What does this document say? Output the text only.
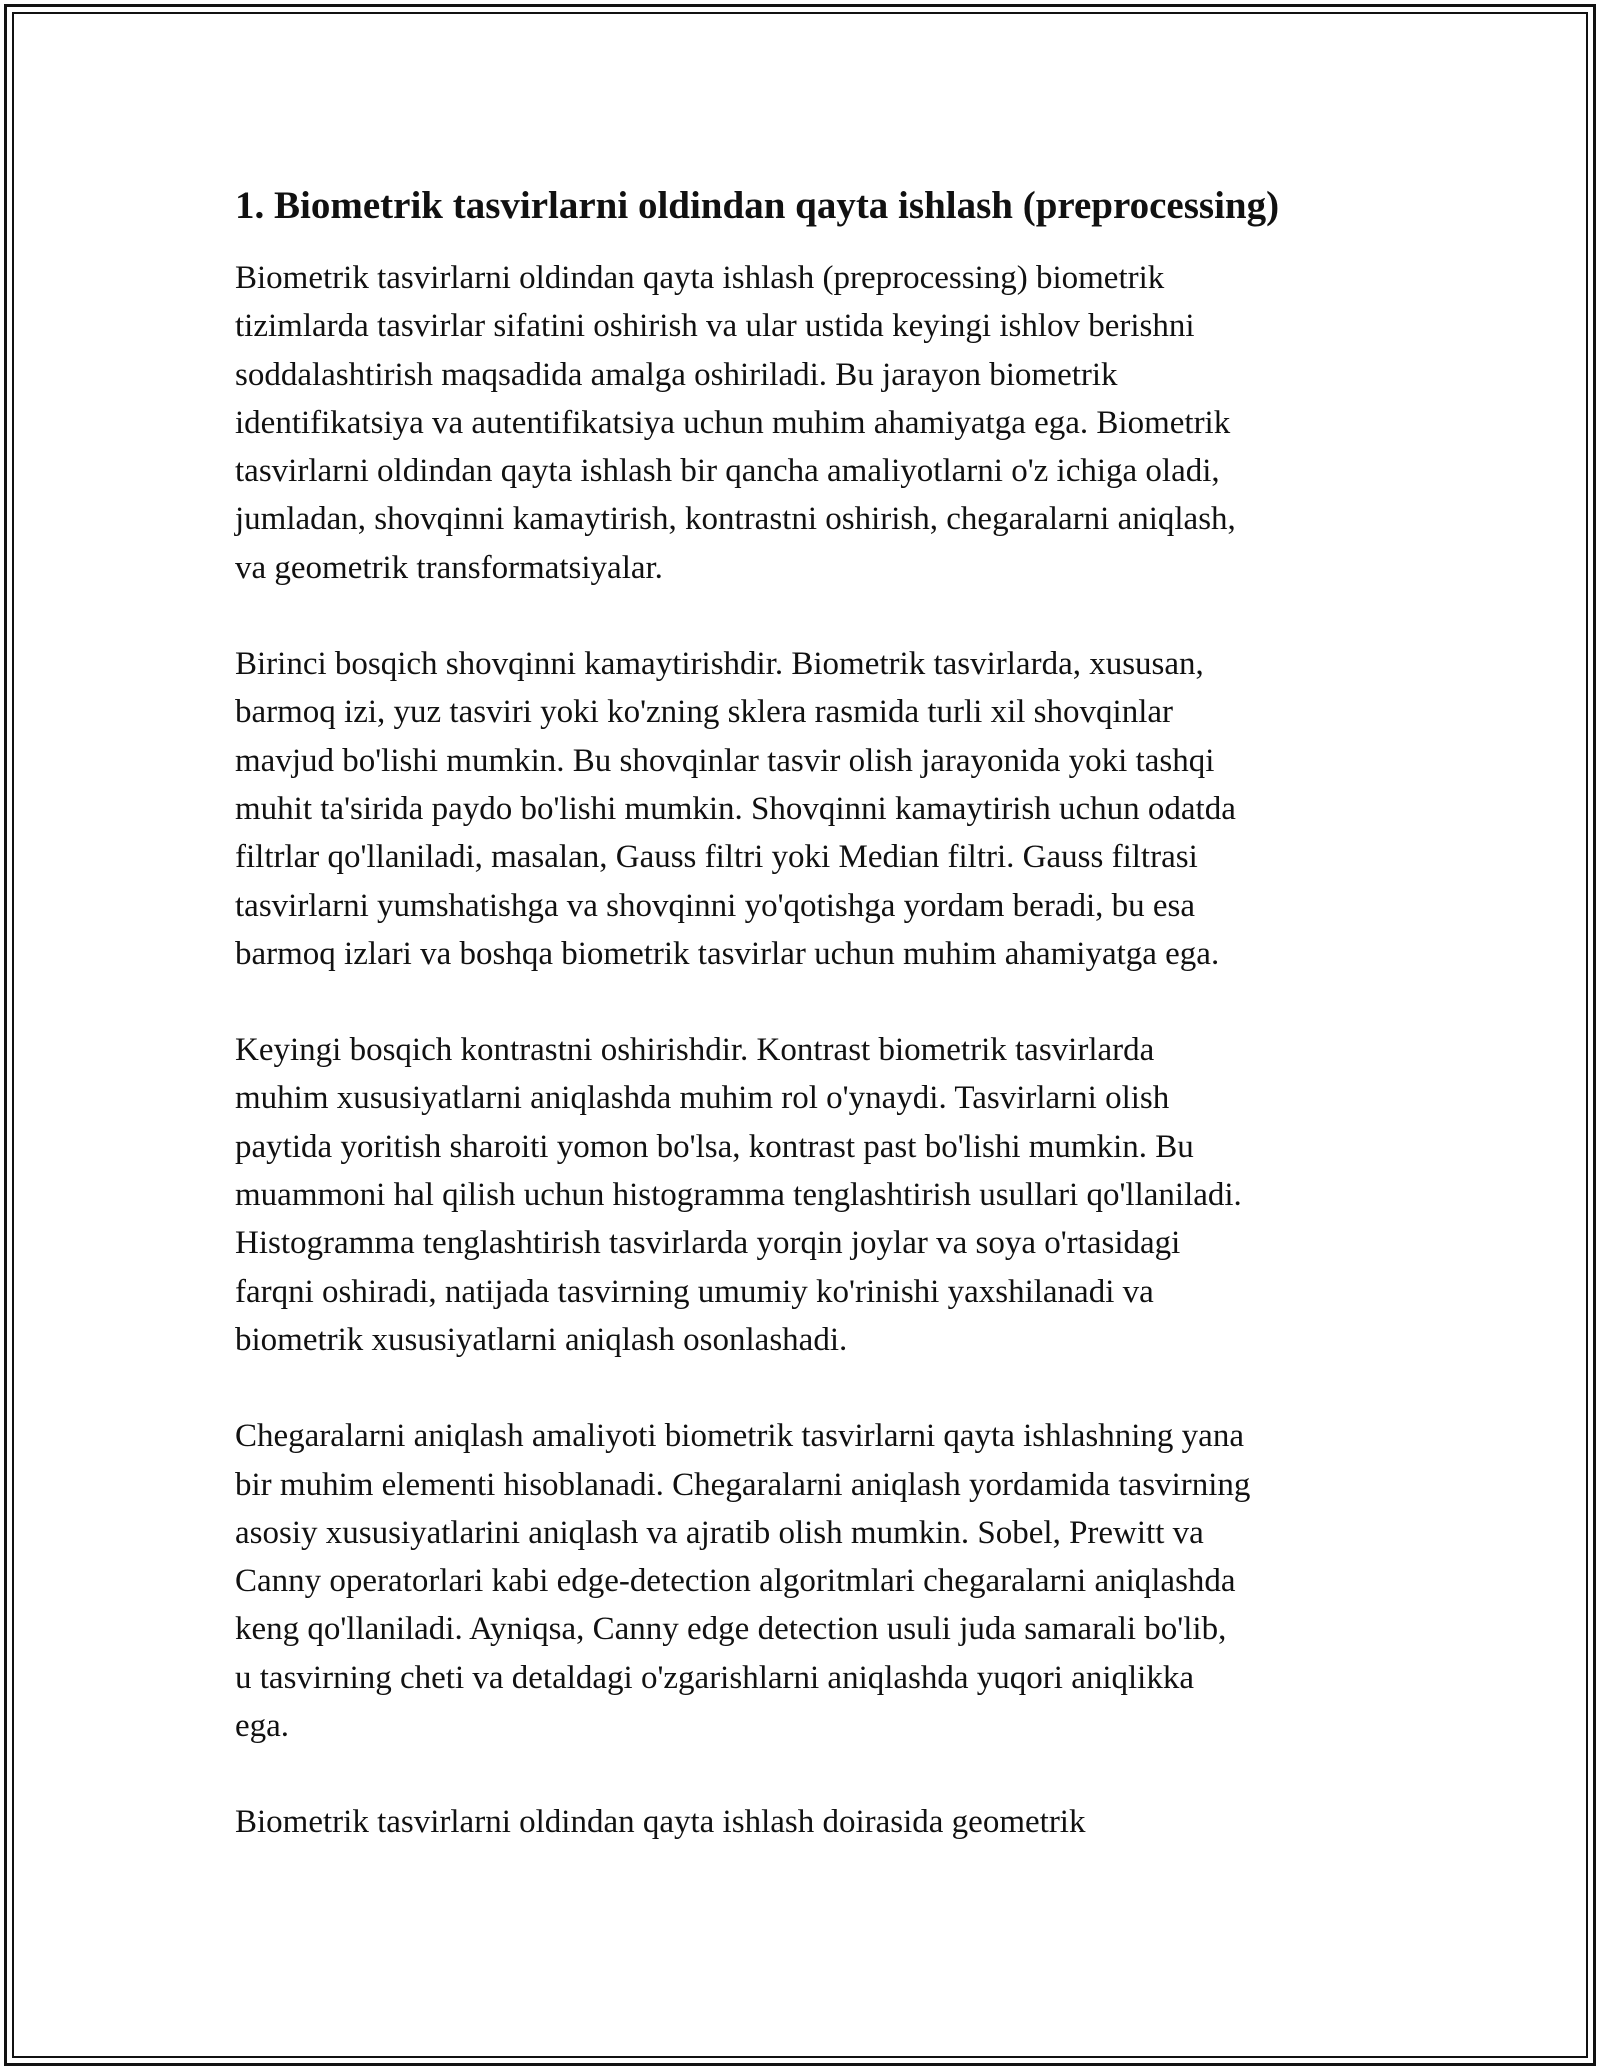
1. Biometrik tasvirlarni oldindan qayta ishlash (preprocessing)

Biometrik tasvirlarni oldindan qayta ishlash (preprocessing) biometrik
tizimlarda tasvirlar sifatini oshirish va ular ustida keyingi ishlov berishni
soddalashtirish maqsadida amalga oshiriladi. Bu jarayon biometrik
identifikatsiya va autentifikatsiya uchun muhim ahamiyatga ega. Biometrik
tasvirlarni oldindan qayta ishlash bir qancha amaliyotlarni o'z ichiga oladi,
jumladan, shovqinni kamaytirish, kontrastni oshirish, chegaralarni aniqlash,
va geometrik transformatsiyalar.

Birinci bosqich shovqinni kamaytirishdir. Biometrik tasvirlarda, xususan,
barmoq izi, yuz tasviri yoki ko'zning sklera rasmida turli xil shovqinlar
mavjud bo'lishi mumkin. Bu shovqinlar tasvir olish jarayonida yoki tashqi
muhit ta'sirida paydo bo'lishi mumkin. Shovqinni kamaytirish uchun odatda
filtrlar qo'llaniladi, masalan, Gauss filtri yoki Median filtri. Gauss filtrasi
tasvirlarni yumshatishga va shovqinni yo'qotishga yordam beradi, bu esa
barmoq izlari va boshqa biometrik tasvirlar uchun muhim ahamiyatga ega.

Keyingi bosqich kontrastni oshirishdir. Kontrast biometrik tasvirlarda
muhim xususiyatlarni aniqlashda muhim rol o'ynaydi. Tasvirlarni olish
paytida yoritish sharoiti yomon bo'lsa, kontrast past bo'lishi mumkin. Bu
muammoni hal qilish uchun histogramma tenglashtirish usullari qo'llaniladi.
Histogramma tenglashtirish tasvirlarda yorqin joylar va soya o'rtasidagi
farqni oshiradi, natijada tasvirning umumiy ko'rinishi yaxshilanadi va
biometrik xususiyatlarni aniqlash osonlashadi.

Chegaralarni aniqlash amaliyoti biometrik tasvirlarni qayta ishlashning yana
bir muhim elementi hisoblanadi. Chegaralarni aniqlash yordamida tasvirning
asosiy xususiyatlarini aniqlash va ajratib olish mumkin. Sobel, Prewitt va
Canny operatorlari kabi edge-detection algoritmlari chegaralarni aniqlashda
keng qo'llaniladi. Ayniqsa, Canny edge detection usuli juda samarali bo'lib,
u tasvirning cheti va detaldagi o'zgarishlarni aniqlashda yuqori aniqlikka
ega.

Biometrik tasvirlarni oldindan qayta ishlash doirasida geometrik
